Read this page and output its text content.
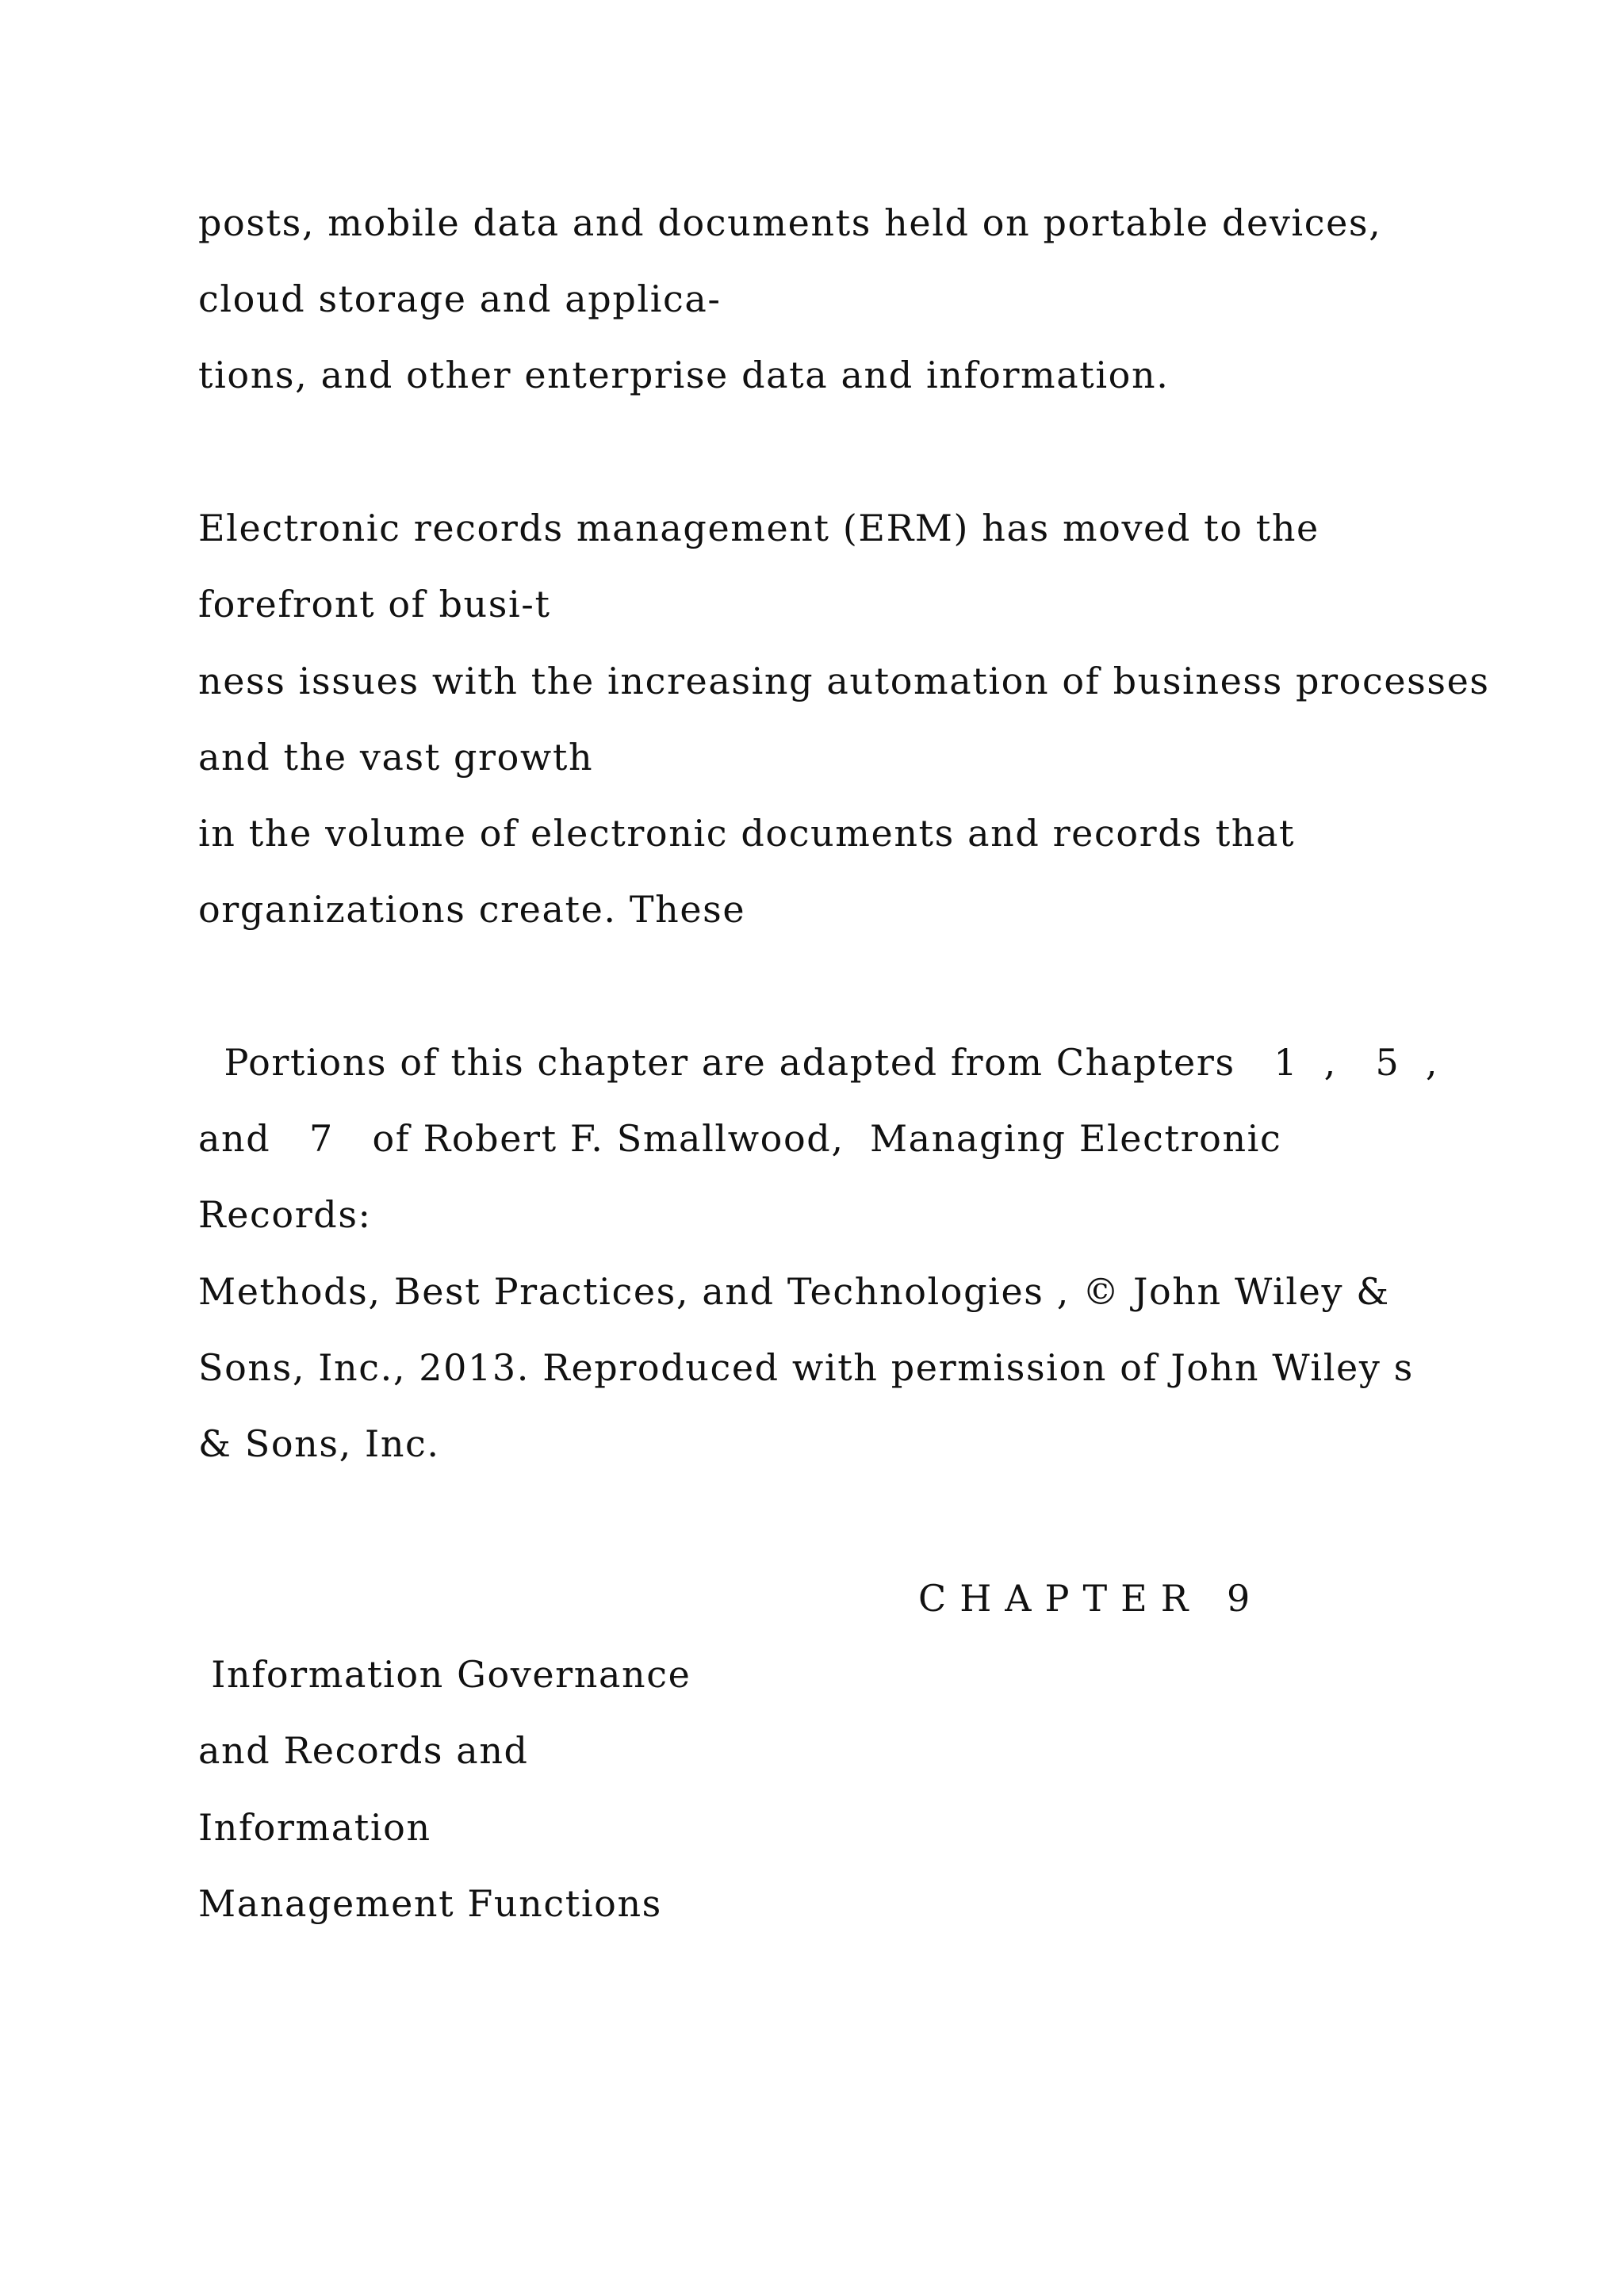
posts, mobile data and documents held on portable devices,
cloud storage and applica-
tions, and other enterprise data and information.
Electronic records management (ERM) has moved to the
forefront of busi-t
ness issues with the increasing automation of business processes
and the vast growth
in the volume of electronic documents and records that
organizations create. These
Portions of this chapter are adapted from Chapters   1  ,   5  ,
and   7   of Robert F. Smallwood,  Managing Electronic
Records:
Methods, Best Practices, and Technologies , © John Wiley &
Sons, Inc., 2013. Reproduced with permission of John Wiley s
& Sons, Inc.
CHAPTER 9
Information Governance
and Records and
Information
Management Functions
